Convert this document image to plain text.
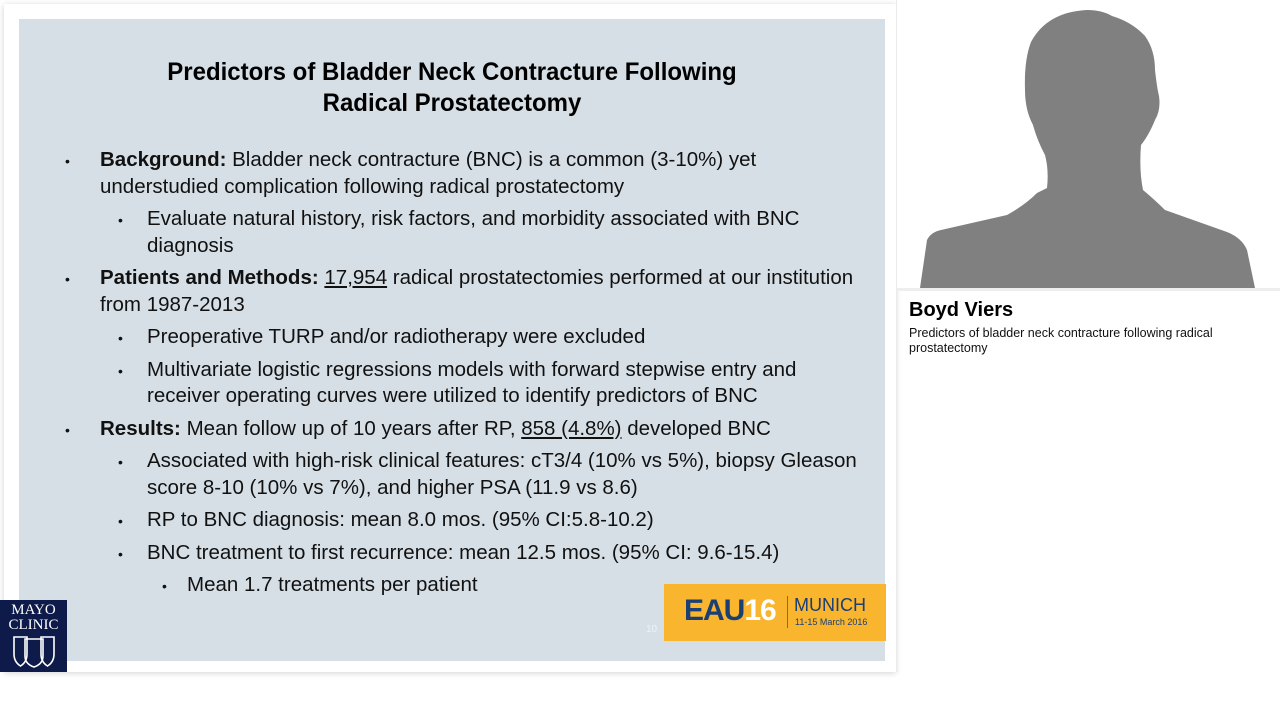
Predictors of Bladder Neck Contracture Following
Radical Prostatectomy
• Background: Bladder neck contracture (BNC) is a common (3-10%) yet understudied complication following radical prostatectomy
• Evaluate natural history, risk factors, and morbidity associated with BNC diagnosis
• Patients and Methods: 17,954 radical prostatectomies performed at our institution from 1987-2013
• Preoperative TURP and/or radiotherapy were excluded
• Multivariate logistic regressions models with forward stepwise entry and receiver operating curves were utilized to identify predictors of BNC
• Results: Mean follow up of 10 years after RP, 858 (4.8%) developed BNC
• Associated with high-risk clinical features: cT3/4 (10% vs 5%), biopsy Gleason score 8-10 (10% vs 7%), and higher PSA (11.9 vs 8.6)
• RP to BNC diagnosis: mean 8.0 mos. (95% CI:5.8-10.2)
• BNC treatment to first recurrence: mean 12.5 mos. (95% CI: 9.6-15.4)
• Mean 1.7 treatments per patient
10
EAU16 MUNICH
11-15 March 2016
MAYO
CLINIC
Boyd Viers
Predictors of bladder neck contracture following radical prostatectomy
